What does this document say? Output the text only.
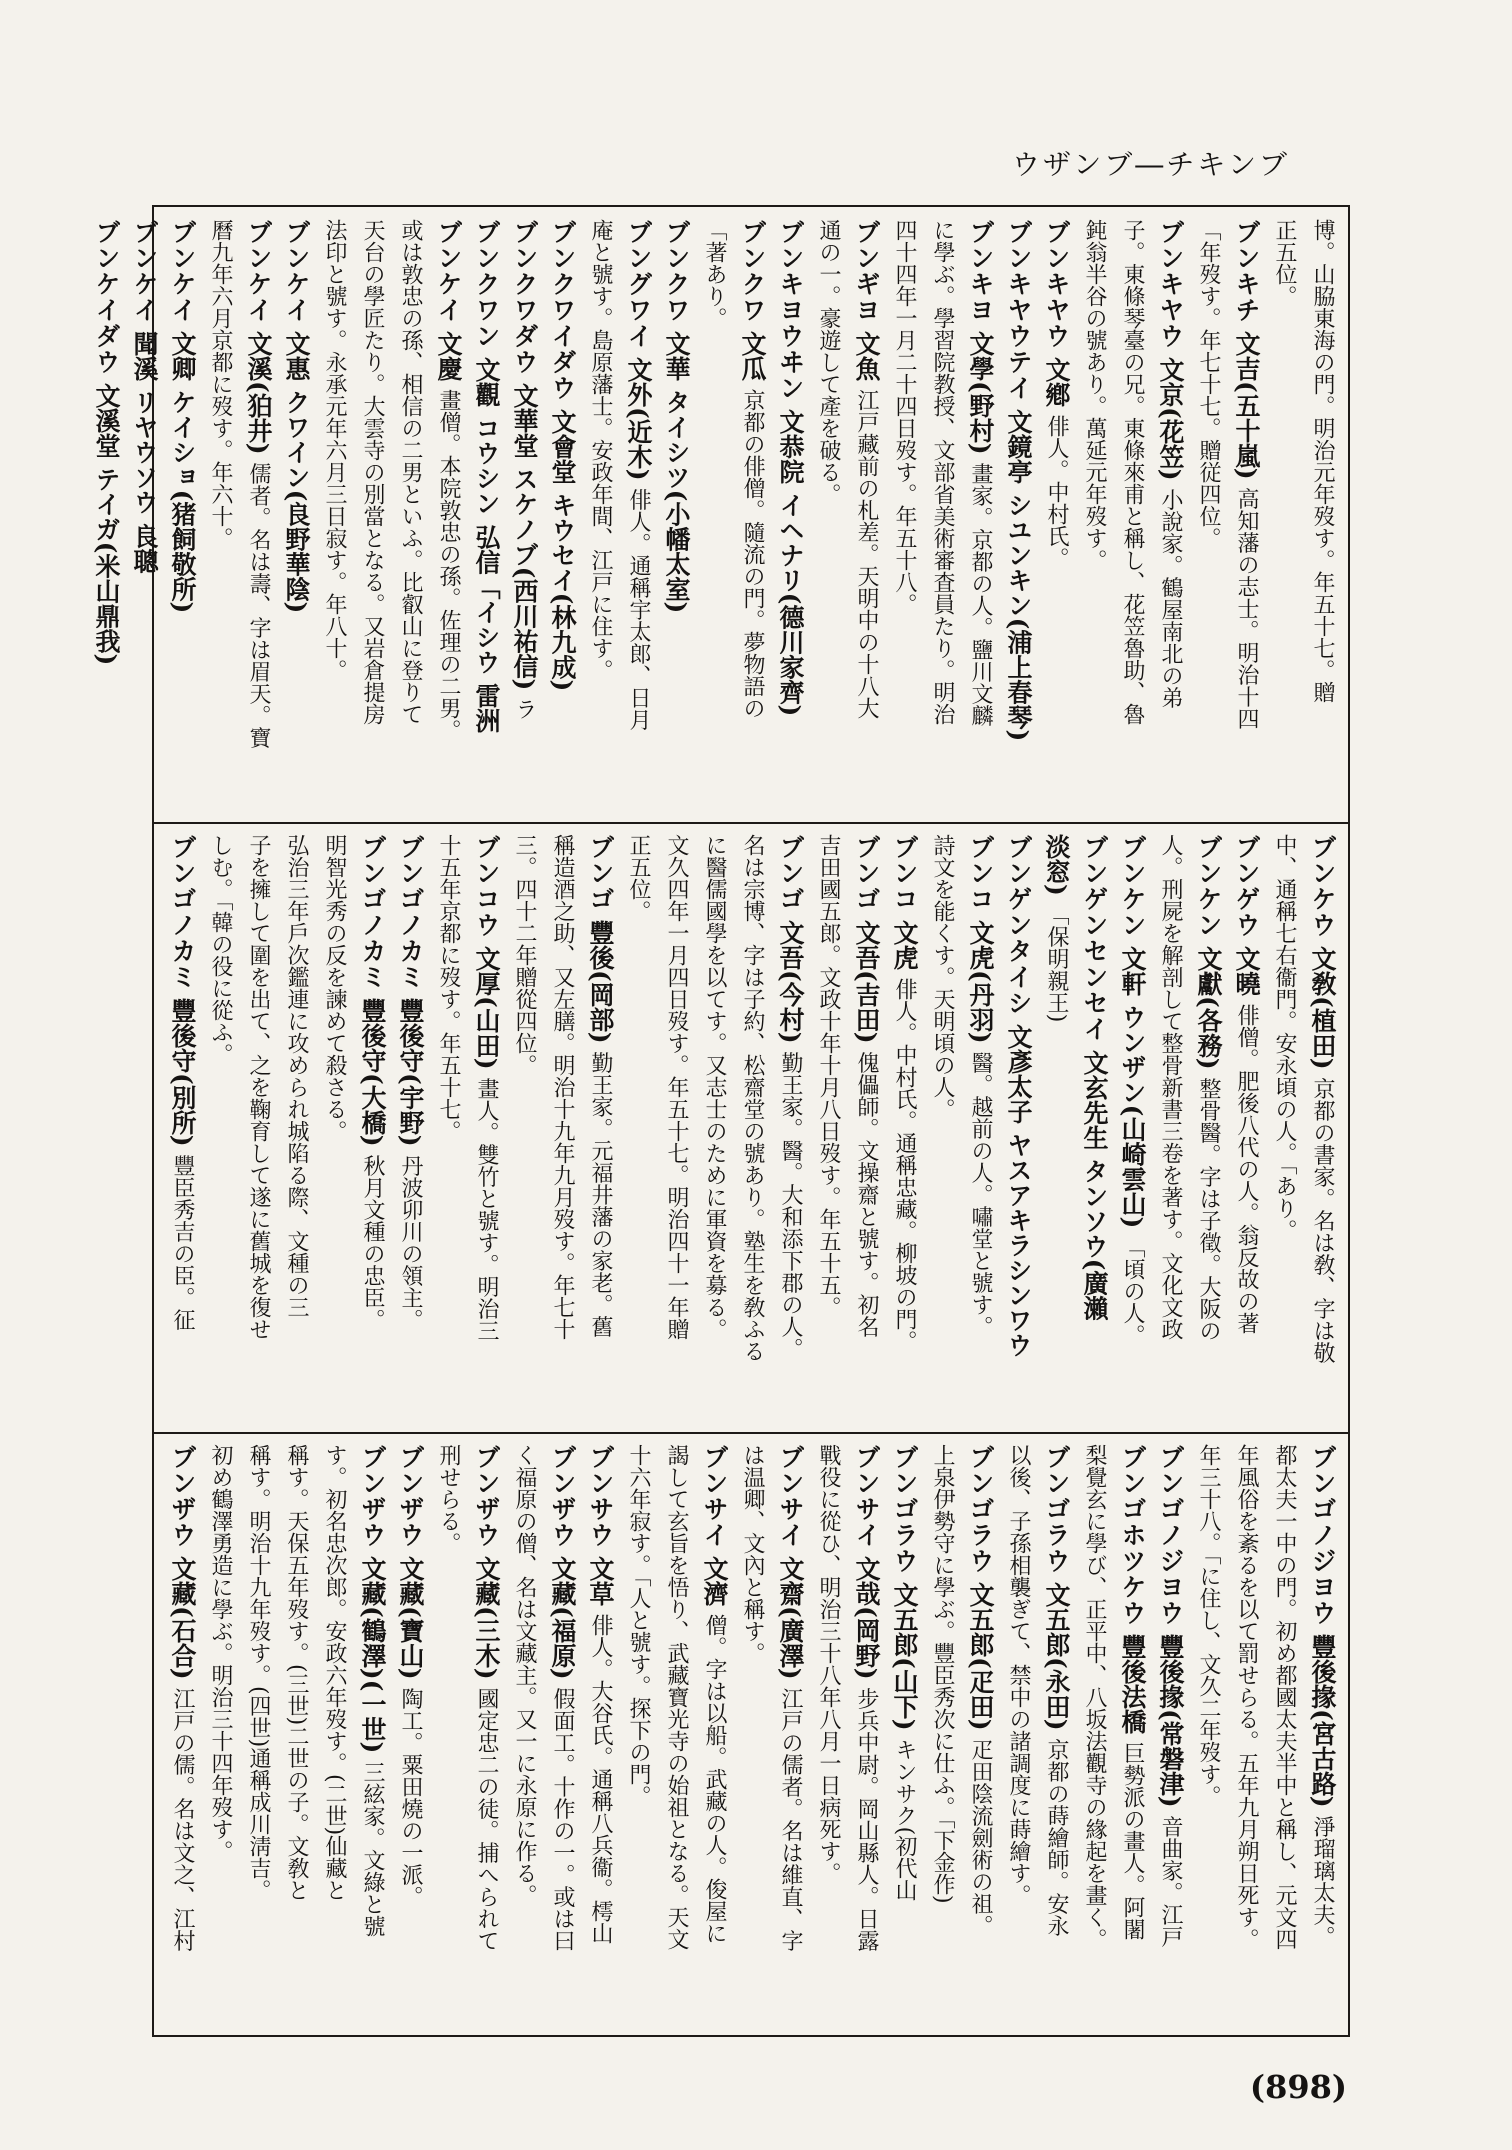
ウザンブ―チキンブ
博。山脇東海の門。明治元年歿す。年五十七。贈
正五位。
ブンキチ 文吉(五十嵐) 高知藩の志士。明治十四
「年歿す。年七十七。贈従四位。
ブンキヤウ 文京(花笠) 小說家。鶴屋南北の弟
子。東條琴臺の兄。東條來甫と稱し、花笠魯助、魯
鈍翁半谷の號あり。萬延元年歿す。
ブンキヤウ 文鄕 俳人。中村氏。
ブンキヤウテイ 文鏡亭 シユンキン(浦上春琴)
ブンキヨ 文學(野村) 畫家。京都の人。鹽川文麟
に學ぶ。學習院教授、文部省美術審査員たり。明治
四十四年一月二十四日歿す。年五十八。
ブンギヨ 文魚 江戸藏前の札差。天明中の十八大
通の一。豪遊して產を破る。
ブンキヨウヰン 文恭院 イヘナリ(德川家齊)
ブンクワ 文瓜 京都の俳僧。隨流の門。夢物語の
「著あり。
ブンクワ 文華 タイシツ(小幡太室)
ブングワイ 文外(近木) 俳人。通稱宇太郎、日月
庵と號す。島原藩士。安政年間、江戸に住す。
ブンクワイダウ 文會堂 キウセイ(林九成)
ブンクワダウ 文華堂 スケノブ(西川祐信) ラ
ブンクワン 文觀 コウシン 弘信「イシウ 雷洲
ブンケイ 文慶 畫僧。本院敦忠の孫。佐理の二男。
或は敦忠の孫、相信の二男といふ。比叡山に登りて
天台の學匠たり。大雲寺の別當となる。又岩倉提房
法印と號す。永承元年六月三日寂す。年八十。
ブンケイ 文惠 クワイン(良野華陰)
ブンケイ 文溪(狛井) 儒者。名は壽、字は眉天。寶
曆九年六月京都に歿す。年六十。
ブンケイ 文卿 ケイショ(猪飼敬所)
ブンケイ 聞溪 リヤウソウ 良聰
ブンケイダウ 文溪堂 テイガ(米山鼎我)
ブンケウ 文敎(植田) 京都の書家。名は敎、字は敬
中、通稱七右衞門。安永頃の人。「あり。
ブンゲウ 文曉 俳僧。肥後八代の人。翁反故の著
ブンケン 文獻(各務) 整骨醫。字は子徵。大阪の
人。刑屍を解剖して整骨新書三卷を著す。文化文政
ブンケン 文軒 ウンザン(山崎雲山) 「頃の人。
ブンゲンセンセイ 文玄先生 タンソウ(廣瀨
淡窓) 「保明親王)
ブンゲンタイシ 文彥太子 ヤスアキラシンワウ
ブンコ 文虎(丹羽) 醫。越前の人。嘯堂と號す。
詩文を能くす。天明頃の人。
ブンコ 文虎 俳人。中村氏。通稱忠藏。柳坡の門。
ブンゴ 文吾(吉田) 傀儡師。文操齋と號す。初名
吉田國五郎。文政十年十月八日歿す。年五十五。
ブンゴ 文吾(今村) 勤王家。醫。大和添下郡の人。
名は宗博、字は子約、松齋堂の號あり。塾生を敎ふる
に醫儒國學を以てす。又志士のために軍資を募る。
文久四年一月四日歿す。年五十七。明治四十一年贈
正五位。
ブンゴ 豐後(岡部) 勤王家。元福井藩の家老。舊
稱造酒之助、又左膳。明治十九年九月歿す。年七十
三。四十二年贈從四位。
ブンコウ 文厚(山田) 畫人。雙竹と號す。明治三
十五年京都に歿す。年五十七。
ブンゴノカミ 豐後守(宇野) 丹波卯川の領主。
ブンゴノカミ 豐後守(大橋) 秋月文種の忠臣。
明智光秀の反を諫めて殺さる。
弘治三年戶次鑑連に攻められ城陷る際、文種の三
子を擁して圍を出て、之を鞠育して遂に舊城を復せ
しむ。「韓の役に從ふ。
ブンゴノカミ 豐後守(別所) 豐臣秀吉の臣。征
ブンゴノジヨウ 豐後掾(宮古路) 淨瑠璃太夫。
都太夫一中の門。初め都國太夫半中と稱し、元文四
年風俗を紊るを以て罰せらる。五年九月朔日死す。
年三十八。「に住し、文久二年歿す。
ブンゴノジヨウ 豐後掾(常磐津) 音曲家。江戸
ブンゴホツケウ 豐後法橋 巨勢派の畫人。阿闍
梨覺玄に學び、正平中、八坂法觀寺の緣起を畫く。
ブンゴラウ 文五郎(永田) 京都の蒔繪師。安永
以後、子孫相襲ぎて、禁中の諸調度に蒔繪す。
ブンゴラウ 文五郎(疋田) 疋田陰流劍術の祖。
上泉伊勢守に學ぶ。豐臣秀次に仕ふ。「下金作)
ブンゴラウ 文五郎(山下) キンサク(初代山
ブンサイ 文哉(岡野) 步兵中尉。岡山縣人。日露
戰役に從ひ、明治三十八年八月一日病死す。
ブンサイ 文齋(廣澤) 江戸の儒者。名は維直、字
は温卿、文內と稱す。
ブンサイ 文濟 僧。字は以船。武藏の人。俊屋に
謁して玄旨を悟り、武藏寶光寺の始祖となる。天文
十六年寂す。「人と號す。探下の門。
ブンサウ 文草 俳人。大谷氏。通稱八兵衞。樗山
ブンザウ 文藏(福原) 假面工。十作の一。或は曰
く福原の僧、名は文藏主。又一に永原に作る。
ブンザウ 文藏(三木) 國定忠二の徒。捕へられて
刑せらる。
ブンザウ 文藏(寶山) 陶工。粟田燒の一派。
ブンザウ 文藏(鶴澤)(一世) 三絃家。文綠と號
す。初名忠次郎。安政六年歿す。(二世)仙藏と
稱す。天保五年歿す。(三世)二世の子。文敎と
稱す。明治十九年歿す。(四世)通稱成川淸吉。
初め鶴澤勇造に學ぶ。明治三十四年歿す。
ブンザウ 文藏(石合) 江戸の儒。名は文之、江村
(898)
